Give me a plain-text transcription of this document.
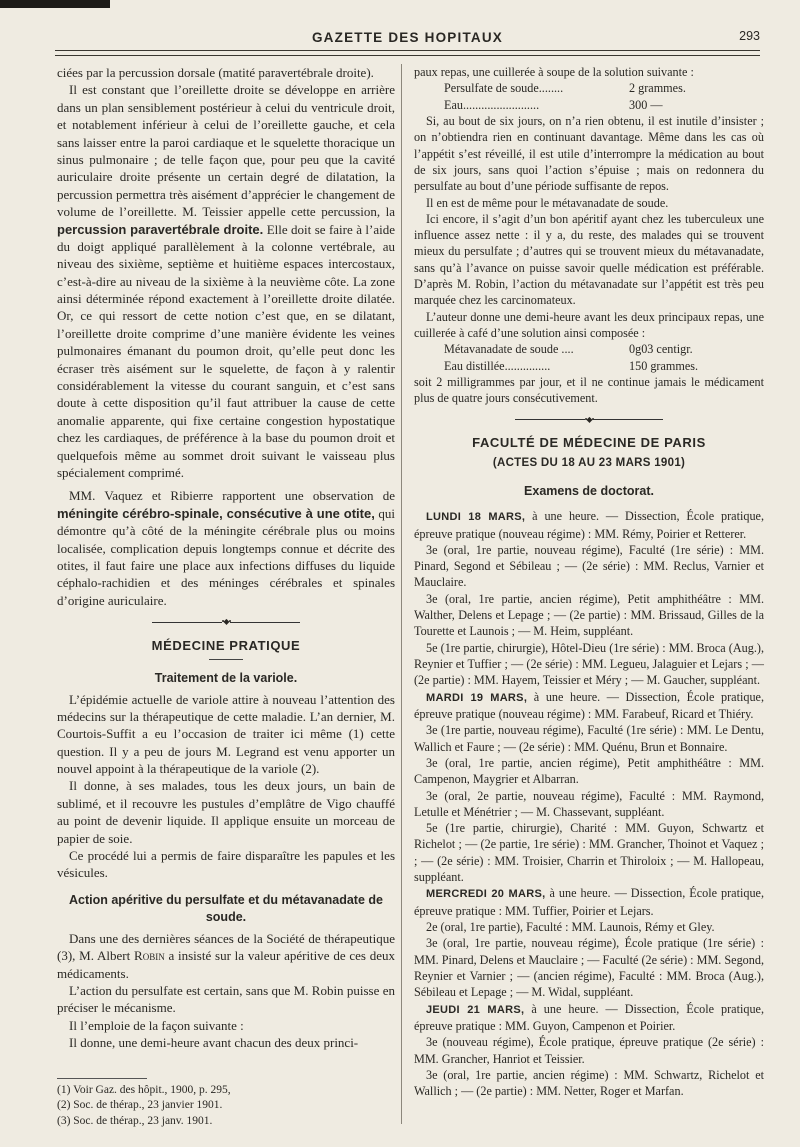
GAZETTE DES HOPITAUX	293

ciées par la percussion dorsale (matité paravertébrale droite).

Il est constant que l’oreillette droite se développe en arrière dans un plan sensiblement postérieur à celui du ventricule droit, et notablement inférieur à celui de l’oreillette gauche, et cela sans laisser entre la paroi cardiaque et le squelette thoracique un sinus pulmonaire ; de telle façon que, pour peu que la cavité auriculaire droite présente un certain degré de dilatation, la percussion permettra très aisément d’apprécier le changement de volume de l’oreillette. M. Teissier appelle cette percussion, la percussion paravertébrale droite. Elle doit se faire à l’aide du doigt appliqué parallèlement à la colonne vertébrale, au niveau des sixième, septième et huitième espaces intercostaux, c’est-à-dire au niveau de la sixième à la neuvième côte. La zone ainsi déterminée répond exactement à l’oreillette droite dilatée. Or, ce qui ressort de cette notion c’est que, en se dilatant, l’oreillette droite comprime d’une manière évidente les veines pulmonaires émanant du poumon droit, qu’elle peut donc les écraser très aisément sur le squelette, de façon à y ralentir considérablement la vitesse du courant sanguin, et c’est sans doute à cette disposition qu’il faut attribuer la cause de cette anomalie apparente, qui fixe certaine congestion hypostatique chez les cardiaques, de préférence à la base du poumon droit et quelquefois même au sommet droit suivant le vaisseau plus spécialement comprimé.

MM. Vaquez et Ribierre rapportent une observation de méningite cérébro-spinale, consécutive à une otite, qui démontre qu’à côté de la méningite cérébrale plus ou moins localisée, complication depuis longtemps connue et décrite des otites, il faut faire une place aux infections diffuses du liquide céphalo-rachidien et des méninges cérébrales et spinales d’origine auriculaire.

•◆•
MÉDECINE PRATIQUE
Traitement de la variole.

L’épidémie actuelle de variole attire à nouveau l’attention des médecins sur la thérapeutique de cette maladie. L’an dernier, M. Courtois-Suffit a eu l’occasion de traiter ici même (1) cette question. Il y a peu de jours M. Legrand est venu apporter un nouvel appoint à la thérapeutique de la variole (2).

Il donne, à ses malades, tous les deux jours, un bain de sublimé, et il recouvre les pustules d’emplâtre de Vigo chauffé au point de devenir liquide. Il applique ensuite un morceau de papier de soie.

Ce procédé lui a permis de faire disparaître les papules et les vésicules.

Action apéritive du persulfate et du métavanadate de soude.

Dans une des dernières séances de la Société de thérapeutique (3), M. Albert Robin a insisté sur la valeur apéritive de ces deux médicaments.

L’action du persulfate est certain, sans que M. Robin puisse en préciser le mécanisme.

Il l’emploie de la façon suivante :

Il donne, une demi-heure avant chacun des deux princi-

(1) Voir Gaz. des hôpit., 1900, p. 295,

(2) Soc. de thérap., 23 janvier 1901.

(3) Soc. de thérap., 23 janv. 1901.

paux repas, une cuillerée à soupe de la solution suivante :

Persulfate de soude........	2 grammes.
Eau.........................	300 —

Si, au bout de six jours, on n’a rien obtenu, il est inutile d’insister ; on n’obtiendra rien en continuant davantage. Même dans les cas où l’appétit s’est réveillé, il est utile d’interrompre la médication au bout de six jours, sans quoi l’action s’épuise ; mais on redonnera du persulfate au bout d’une période suffisante de repos.

Il en est de même pour le métavanadate de soude.

Ici encore, il s’agit d’un bon apéritif ayant chez les tuberculeux une influence assez nette : il y a, du reste, des malades qui se trouvent mieux du persulfate ; d’autres qui se trouvent mieux du métavanadate, sans qu’à l’avance on puisse savoir quelle médication est préférable. D’après M. Robin, l’action du métavanadate sur l’appétit est très peu marquée chez les carcinomateux.

L’auteur donne une demi-heure avant les deux principaux repas, une cuillerée à café d’une solution ainsi composée :

Métavanadate de soude ....	0g03 centigr.
Eau distillée...............	150 grammes.

soit 2 milligrammes par jour, et il ne continue jamais le médicament plus de quatre jours consécutivement.

•◆•
FACULTÉ DE MÉDECINE DE PARIS
(ACTES DU 18 AU 23 MARS 1901)
Examens de doctorat.

LUNDI 18 MARS, à une heure. — Dissection, École pratique, épreuve pratique (nouveau régime) : MM. Rémy, Poirier et Retterer.

3e (oral, 1re partie, nouveau régime), Faculté (1re série) : MM. Pinard, Segond et Sébileau ; — (2e série) : MM. Reclus, Varnier et Mauclaire.

3e (oral, 1re partie, ancien régime), Petit amphithéâtre : MM. Walther, Delens et Lepage ; — (2e partie) : MM. Brissaud, Gilles de la Tourette et Launois ; — M. Heim, suppléant.

5e (1re partie, chirurgie), Hôtel-Dieu (1re série) : MM. Broca (Aug.), Reynier et Tuffier ; — (2e série) : MM. Legueu, Jalaguier et Lejars ; — (2e partie) : MM. Hayem, Teissier et Méry ; — M. Gaucher, suppléant.

MARDI 19 MARS, à une heure. — Dissection, École pratique, épreuve pratique (nouveau régime) : MM. Farabeuf, Ricard et Thiéry.

3e (1re partie, nouveau régime), Faculté (1re série) : MM. Le Dentu, Wallich et Faure ; — (2e série) : MM. Quénu, Brun et Bonnaire.

3e (oral, 1re partie, ancien régime), Petit amphithéâtre : MM. Campenon, Maygrier et Albarran.

3e (oral, 2e partie, nouveau régime), Faculté : MM. Raymond, Letulle et Ménétrier ; — M. Chassevant, suppléant.

5e (1re partie, chirurgie), Charité : MM. Guyon, Schwartz et Richelot ; — (2e partie, 1re série) : MM. Grancher, Thoinot et Vaquez ; ; — (2e série) : MM. Troisier, Charrin et Thiroloix ; — M. Hallopeau, suppléant.

MERCREDI 20 MARS, à une heure. — Dissection, École pratique, épreuve pratique : MM. Tuffier, Poirier et Lejars.

2e (oral, 1re partie), Faculté : MM. Launois, Rémy et Gley.

3e (oral, 1re partie, nouveau régime), École pratique (1re série) : MM. Pinard, Delens et Mauclaire ; — Faculté (2e série) : MM. Segond, Reynier et Varnier ; — (ancien régime), Faculté : MM. Broca (Aug.), Sébileau et Lepage ; — M. Widal, suppléant.

JEUDI 21 MARS, à une heure. — Dissection, École pratique, épreuve pratique : MM. Guyon, Campenon et Poirier.

3e (nouveau régime), École pratique, épreuve pratique (2e série) : MM. Grancher, Hanriot et Teissier.

3e (oral, 1re partie, ancien régime) : MM. Schwartz, Richelot et Wallich ; — (2e partie) : MM. Netter, Roger et Marfan.
